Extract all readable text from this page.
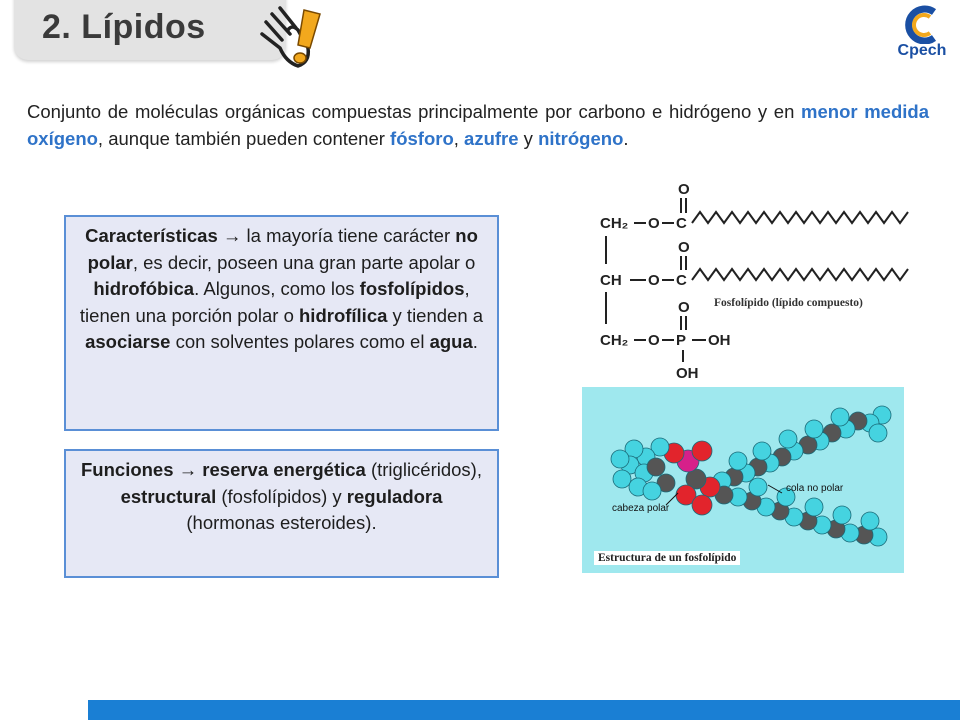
2. Lípidos
Cpech

Conjunto de moléculas orgánicas compuestas principalmente por carbono e hidrógeno y en menor medida oxígeno, aunque también pueden contener fósforo, azufre y nitrógeno.

Características → la mayoría tiene carácter no polar, es decir, poseen una gran parte apolar o hidrofóbica. Algunos, como los fosfolípidos, tienen una porción polar o hidrofílica y tienden a asociarse con solventes polares como el agua.
Funciones → reserva energética (triglicéridos), estructural (fosfolípidos) y reguladora (hormonas esteroides).
CH₂ O C
O
CH O C
O
CH₂ O P
O
OH
OH
Fosfolípido (lípido compuesto)
cola no polar
cabeza polar
Estructura de un fosfolípido
